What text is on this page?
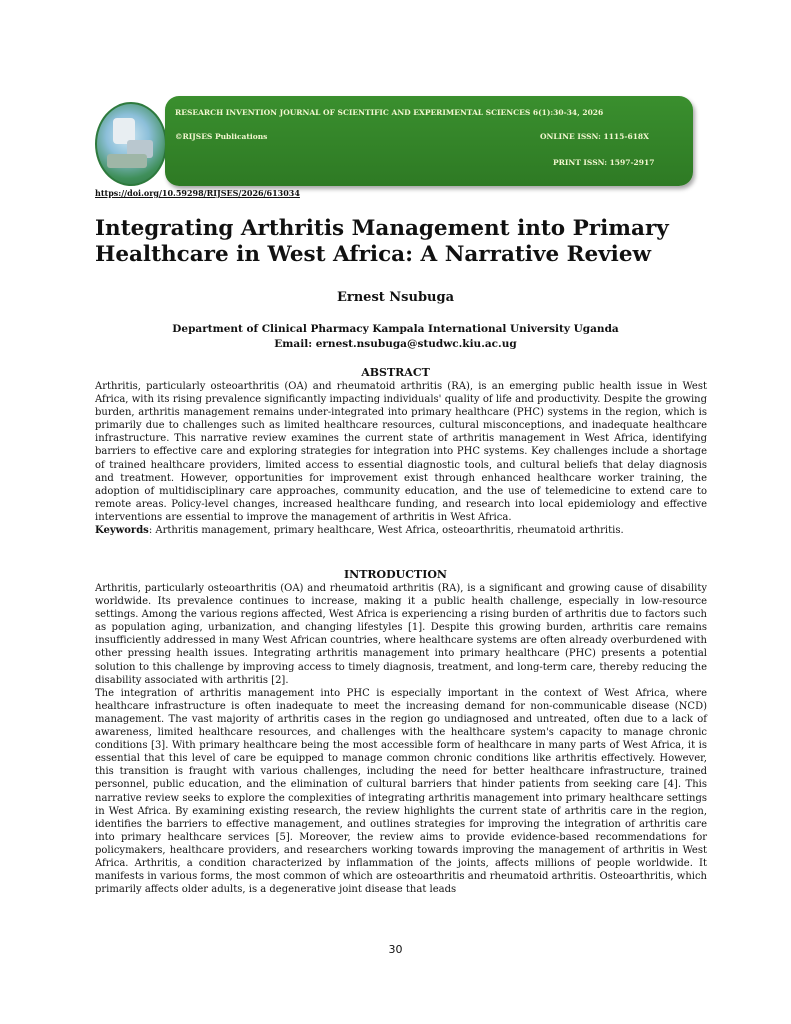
RESEARCH INVENTION JOURNAL OF SCIENTIFIC AND EXPERIMENTAL SCIENCES 6(1):30-34, 2026
©RIJSES Publications	ONLINE ISSN: 1115-618X
PRINT ISSN: 1597-2917
https://doi.org/10.59298/RIJSES/2026/613034
Integrating Arthritis Management into Primary Healthcare in West Africa: A Narrative Review
Ernest Nsubuga
Department of Clinical Pharmacy Kampala International University Uganda
Email: ernest.nsubuga@studwc.kiu.ac.ug
ABSTRACT

Arthritis, particularly osteoarthritis (OA) and rheumatoid arthritis (RA), is an emerging public health issue in West Africa, with its rising prevalence significantly impacting individuals' quality of life and productivity. Despite the growing burden, arthritis management remains under-integrated into primary healthcare (PHC) systems in the region, which is primarily due to challenges such as limited healthcare resources, cultural misconceptions, and inadequate healthcare infrastructure. This narrative review examines the current state of arthritis management in West Africa, identifying barriers to effective care and exploring strategies for integration into PHC systems. Key challenges include a shortage of trained healthcare providers, limited access to essential diagnostic tools, and cultural beliefs that delay diagnosis and treatment. However, opportunities for improvement exist through enhanced healthcare worker training, the adoption of multidisciplinary care approaches, community education, and the use of telemedicine to extend care to remote areas. Policy-level changes, increased healthcare funding, and research into local epidemiology and effective interventions are essential to improve the management of arthritis in West Africa.

Keywords: Arthritis management, primary healthcare, West Africa, osteoarthritis, rheumatoid arthritis.

INTRODUCTION

Arthritis, particularly osteoarthritis (OA) and rheumatoid arthritis (RA), is a significant and growing cause of disability worldwide. Its prevalence continues to increase, making it a public health challenge, especially in low-resource settings. Among the various regions affected, West Africa is experiencing a rising burden of arthritis due to factors such as population aging, urbanization, and changing lifestyles [1]. Despite this growing burden, arthritis care remains insufficiently addressed in many West African countries, where healthcare systems are often already overburdened with other pressing health issues. Integrating arthritis management into primary healthcare (PHC) presents a potential solution to this challenge by improving access to timely diagnosis, treatment, and long-term care, thereby reducing the disability associated with arthritis [2].

The integration of arthritis management into PHC is especially important in the context of West Africa, where healthcare infrastructure is often inadequate to meet the increasing demand for non-communicable disease (NCD) management. The vast majority of arthritis cases in the region go undiagnosed and untreated, often due to a lack of awareness, limited healthcare resources, and challenges with the healthcare system's capacity to manage chronic conditions [3]. With primary healthcare being the most accessible form of healthcare in many parts of West Africa, it is essential that this level of care be equipped to manage common chronic conditions like arthritis effectively. However, this transition is fraught with various challenges, including the need for better healthcare infrastructure, trained personnel, public education, and the elimination of cultural barriers that hinder patients from seeking care [4]. This narrative review seeks to explore the complexities of integrating arthritis management into primary healthcare settings in West Africa. By examining existing research, the review highlights the current state of arthritis care in the region, identifies the barriers to effective management, and outlines strategies for improving the integration of arthritis care into primary healthcare services [5]. Moreover, the review aims to provide evidence-based recommendations for policymakers, healthcare providers, and researchers working towards improving the management of arthritis in West Africa. Arthritis, a condition characterized by inflammation of the joints, affects millions of people worldwide. It manifests in various forms, the most common of which are osteoarthritis and rheumatoid arthritis. Osteoarthritis, which primarily affects older adults, is a degenerative joint disease that leads

30
